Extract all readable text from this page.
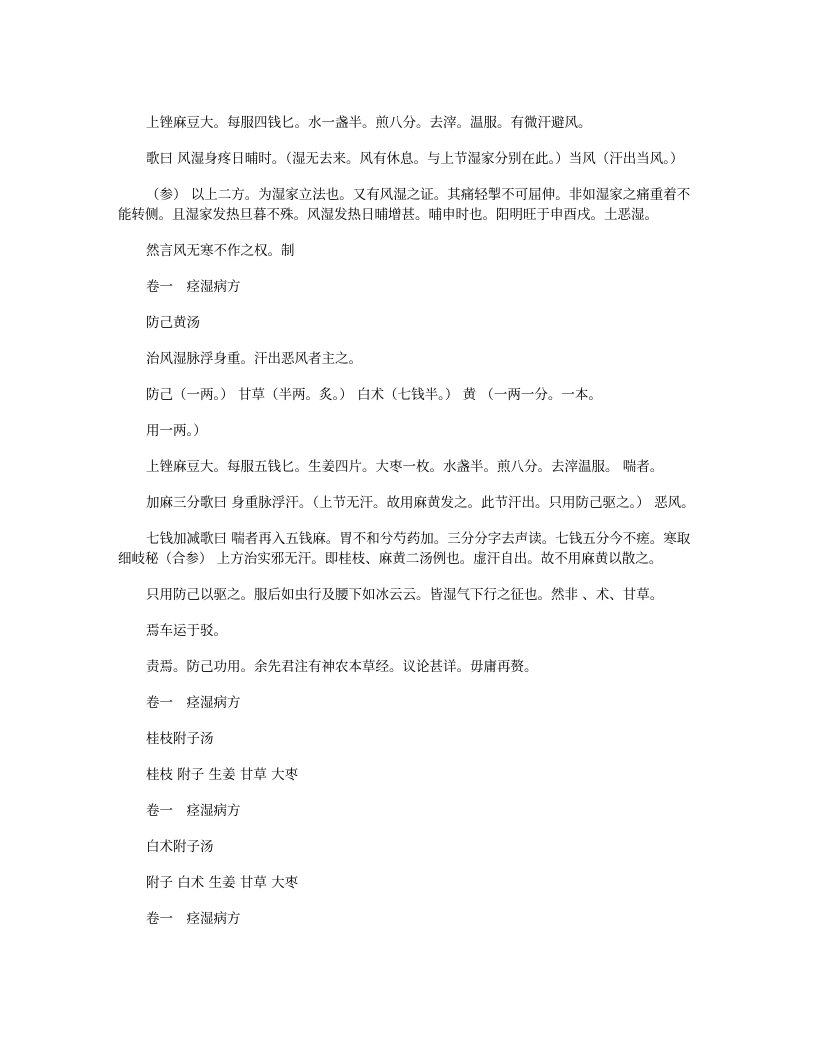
上锉麻豆大。每服四钱匕。水一盏半。煎八分。去滓。温服。有微汗避风。

歌曰 风湿身疼日晡时。（湿无去来。风有休息。与上节湿家分别在此。）当风（汗出当风。）

（参） 以上二方。为湿家立法也。又有风湿之证。其痛轻掣不可屈伸。非如湿家之痛重着不能转侧。且湿家发热旦暮不殊。风湿发热日晡增甚。晡申时也。阳明旺于申酉戌。土恶湿。

然言风无寒不作之权。制

卷一　痉湿病方

防己黄汤

治风湿脉浮身重。汗出恶风者主之。

防己（一两。） 甘草（半两。炙。） 白术（七钱半。） 黄 （一两一分。一本。

用一两。）

上锉麻豆大。每服五钱匕。生姜四片。大枣一枚。水盏半。煎八分。去滓温服。 喘者。

加麻三分歌曰 身重脉浮汗。（上节无汗。故用麻黄发之。此节汗出。只用防己驱之。） 恶风。

七钱加减歌曰 喘者再入五钱麻。胃不和兮芍药加。三分分字去声读。七钱五分今不瘥。寒取细岐秘（合参） 上方治实邪无汗。即桂枝、麻黄二汤例也。虚汗自出。故不用麻黄以散之。

只用防己以驱之。服后如虫行及腰下如冰云云。皆湿气下行之征也。然非 、术、甘草。

焉车运于驳。

责焉。防己功用。余先君注有神农本草经。议论甚详。毋庸再赘。

卷一　痉湿病方

桂枝附子汤

桂枝 附子 生姜 甘草 大枣

卷一　痉湿病方

白术附子汤

附子 白术 生姜 甘草 大枣

卷一　痉湿病方
